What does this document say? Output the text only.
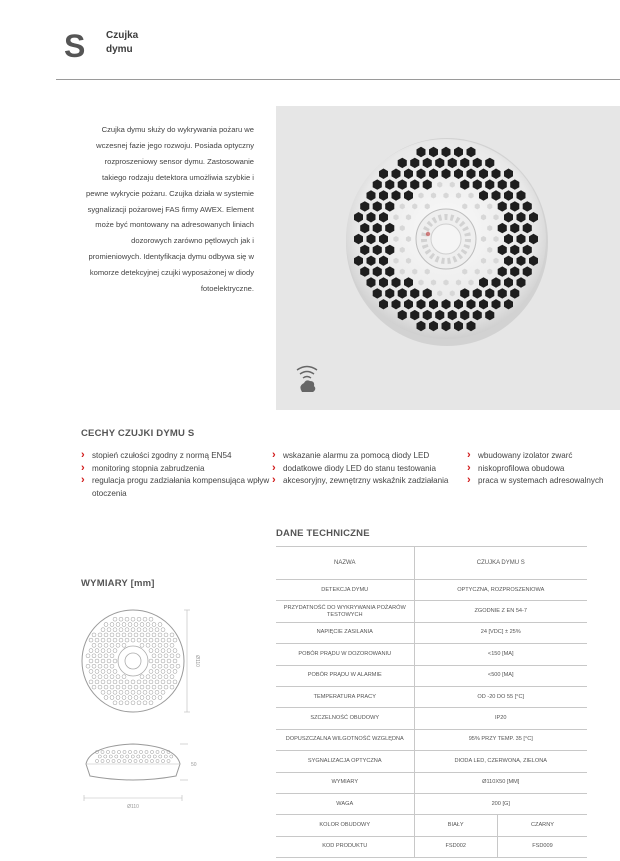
S Czujka
dymu

Czujka dymu służy do wykrywania pożaru we wczesnej fazie jego rozwoju. Posiada optyczny rozproszeniowy sensor dymu. Zastosowanie takiego rodzaju detektora umożliwia szybkie i pewne wykrycie pożaru. Czujka działa w systemie sygnalizacji pożarowej FAS firmy AWEX. Element może być montowany na adresowanych liniach dozorowych zarówno pętlowych jak i promieniowych. Identyfikacja dymu odbywa się w komorze detekcyjnej czujki wyposażonej w diody fotoelektryczne.

CECHY CZUJKI DYMU S
› stopień czułości zgodny z normą EN54
› monitoring stopnia zabrudzenia
› regulacja progu zadziałania kompensująca wpływ otoczenia
› wskazanie alarmu za pomocą diody LED
› dodatkowe diody LED do stanu testowania
› akcesoryjny, zewnętrzny wskaźnik zadziałania
› wbudowany izolator zwarć
› niskoprofilowa obudowa
› praca w systemach adresowalnych
DANE TECHNICZNE
NAZWA	CZUJKA DYMU S	
DETEKCJA DYMU	OPTYCZNA, ROZPROSZENIOWA	
PRZYDATNOŚĆ DO WYKRYWANIA POŻARÓW TESTOWYCH	ZGODNIE Z EN 54-7	
NAPIĘCIE ZASILANIA	24 [VDC] ± 25%	
POBÓR PRĄDU W DOZOROWANIU	<150 [ΜA]	
POBÓR PRĄDU W ALARMIE	<500 [ΜA]	
TEMPERATURA PRACY	OD -20 DO 55 [°C]	
SZCZELNOŚĆ OBUDOWY	IP20	
DOPUSZCZALNA WILGOTNOŚĆ WZGLĘDNA	95% PRZY TEMP. 35 [°C]	
SYGNALIZACJA OPTYCZNA	DIODA LED, CZERWONA, ZIELONA	
WYMIARY	Ø110X50 [MM]	
WAGA	200 [G]	
KOLOR OBUDOWY	BIAŁY	CZARNY
KOD PRODUKTU	FSD002	FSD009
WYMIARY [mm]
Ø110
50
Ø110
